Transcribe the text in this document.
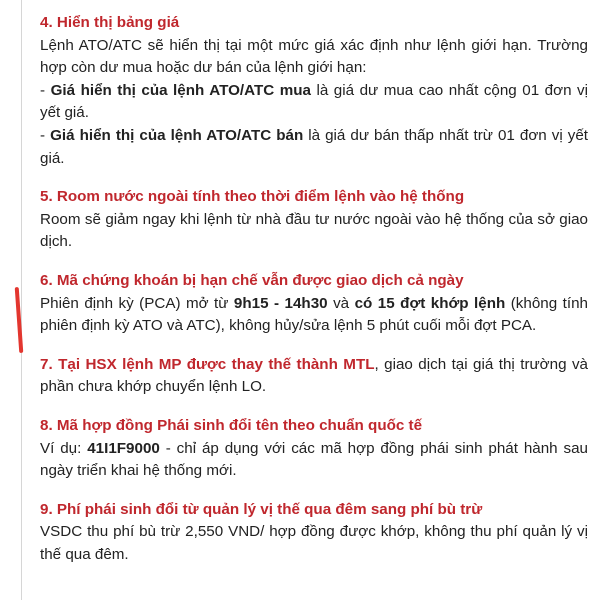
4. Hiển thị bảng giá

Lệnh ATO/ATC sẽ hiển thị tại một mức giá xác định như lệnh giới hạn. Trường hợp còn dư mua hoặc dư bán của lệnh giới hạn:

- Giá hiển thị của lệnh ATO/ATC mua là giá dư mua cao nhất cộng 01 đơn vị yết giá.

- Giá hiển thị của lệnh ATO/ATC bán là giá dư bán thấp nhất trừ 01 đơn vị yết giá.

5. Room nước ngoài tính theo thời điểm lệnh vào hệ thống

Room sẽ giảm ngay khi lệnh từ nhà đầu tư nước ngoài vào hệ thống của sở giao dịch.

6. Mã chứng khoán bị hạn chế vẫn được giao dịch cả ngày

Phiên định kỳ (PCA) mở từ 9h15 - 14h30 và có 15 đợt khớp lệnh (không tính phiên định kỳ ATO và ATC), không hủy/sửa lệnh 5 phút cuối mỗi đợt PCA.

7. Tại HSX lệnh MP được thay thế thành MTL, giao dịch tại giá thị trường và phần chưa khớp chuyển lệnh LO.

8. Mã hợp đồng Phái sinh đổi tên theo chuẩn quốc tế

Ví dụ: 41I1F9000 - chỉ áp dụng với các mã hợp đồng phái sinh phát hành sau ngày triển khai hệ thống mới.

9. Phí phái sinh đổi từ quản lý vị thế qua đêm sang phí bù trừ

VSDC thu phí bù trừ 2,550 VND/ hợp đồng được khớp, không thu phí quản lý vị thế qua đêm.
